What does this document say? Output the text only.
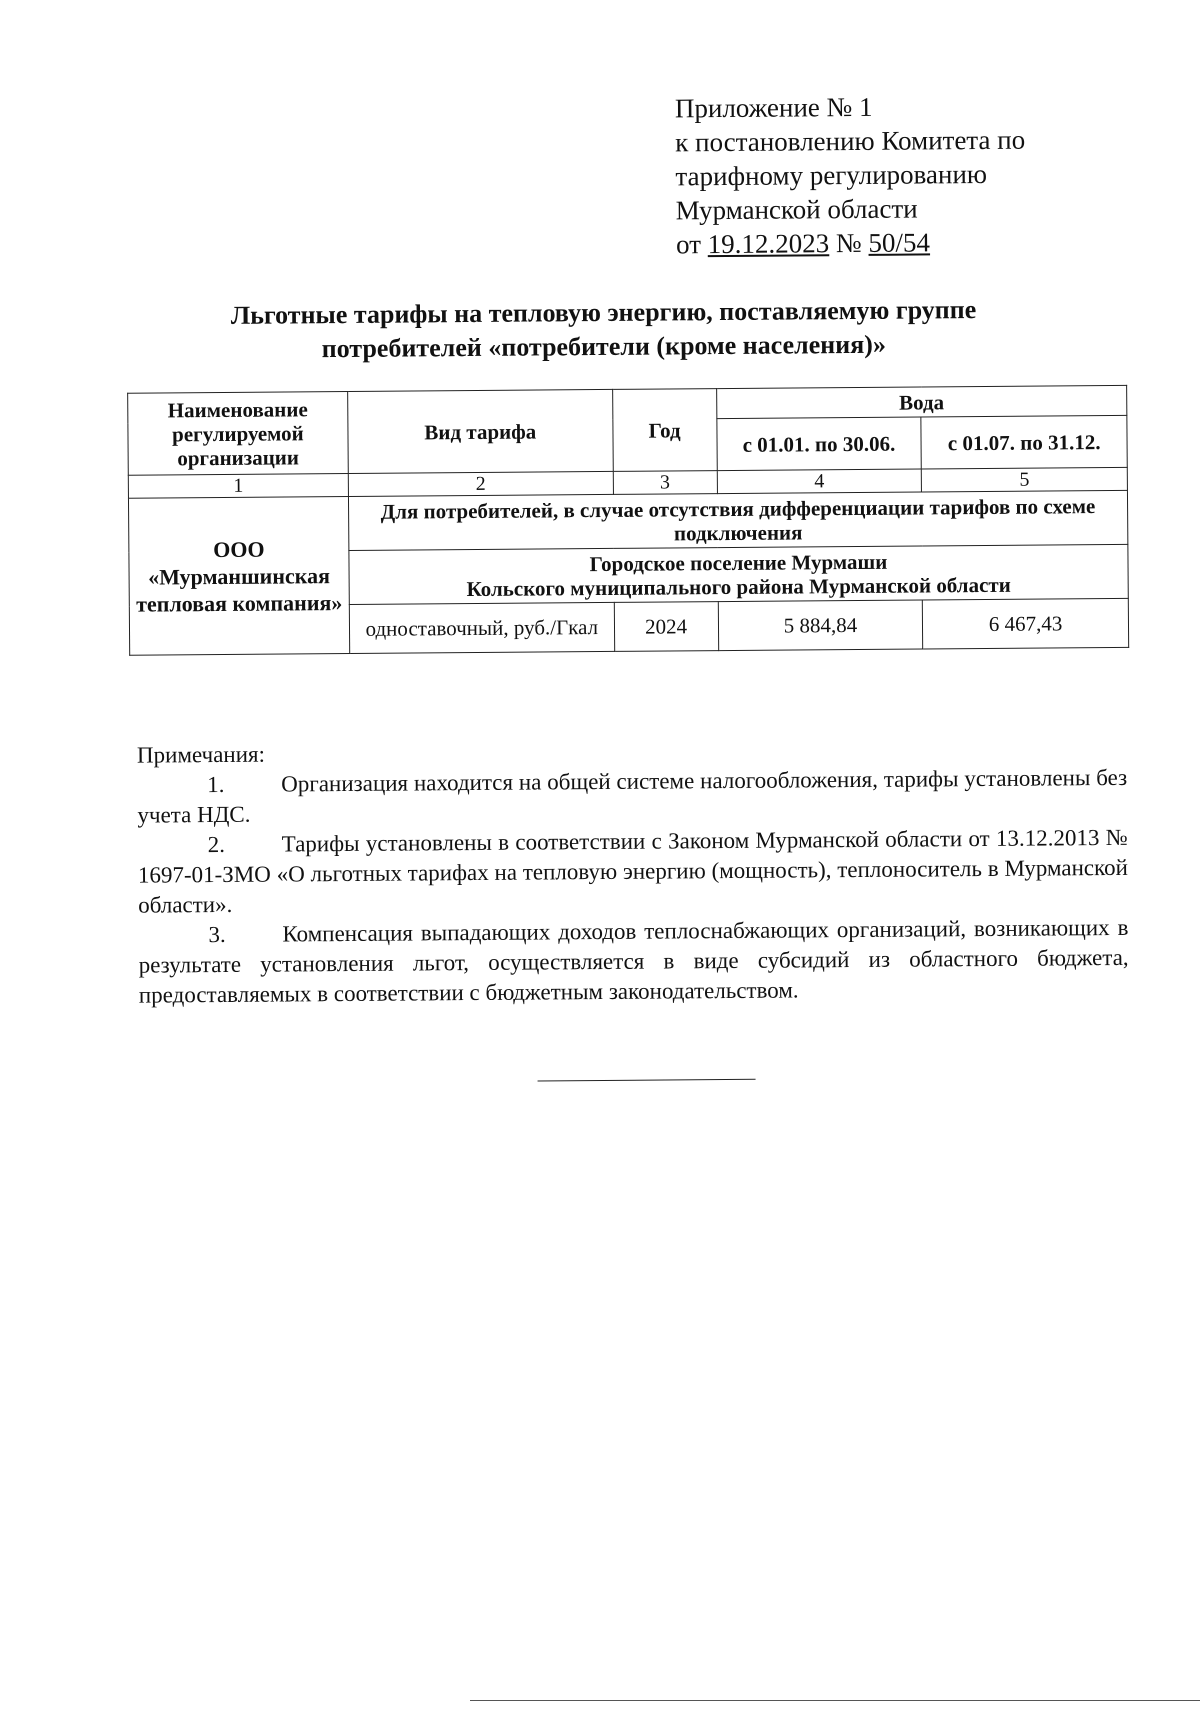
Приложение № 1
к постановлению Комитета по
тарифному регулированию
Мурманской области
от 19.12.2023 № 50/54
Льготные тарифы на тепловую энергию, поставляемую группе
потребителей «потребители (кроме населения)»
Наименование регулируемой организации	Вид тарифа	Год	Вода	
			с 01.01. по 30.06.	с 01.07. по 31.12.
1	2	3	4	5

ООО
«Мурманшинская тепловая компания»	Для потребителей, в случае отсутствия дифференциации тарифов по схеме подключения			

	Городское поселение Мурмаши
Кольского муниципального района Мурманской области			

	одноставочный, руб./Гкал	2024	5 884,84	6 467,43
Примечания:
1. Организация находится на общей системе налогообложения, тарифы установлены без учета НДС.
2. Тарифы установлены в соответствии с Законом Мурманской области от 13.12.2013 № 1697-01-ЗМО «О льготных тарифах на тепловую энергию (мощность), теплоноситель в Мурманской области».
3. Компенсация выпадающих доходов теплоснабжающих организаций, возникающих в результате установления льгот, осуществляется в виде субсидий из областного бюджета, предоставляемых в соответствии с бюджетным законодательством.
